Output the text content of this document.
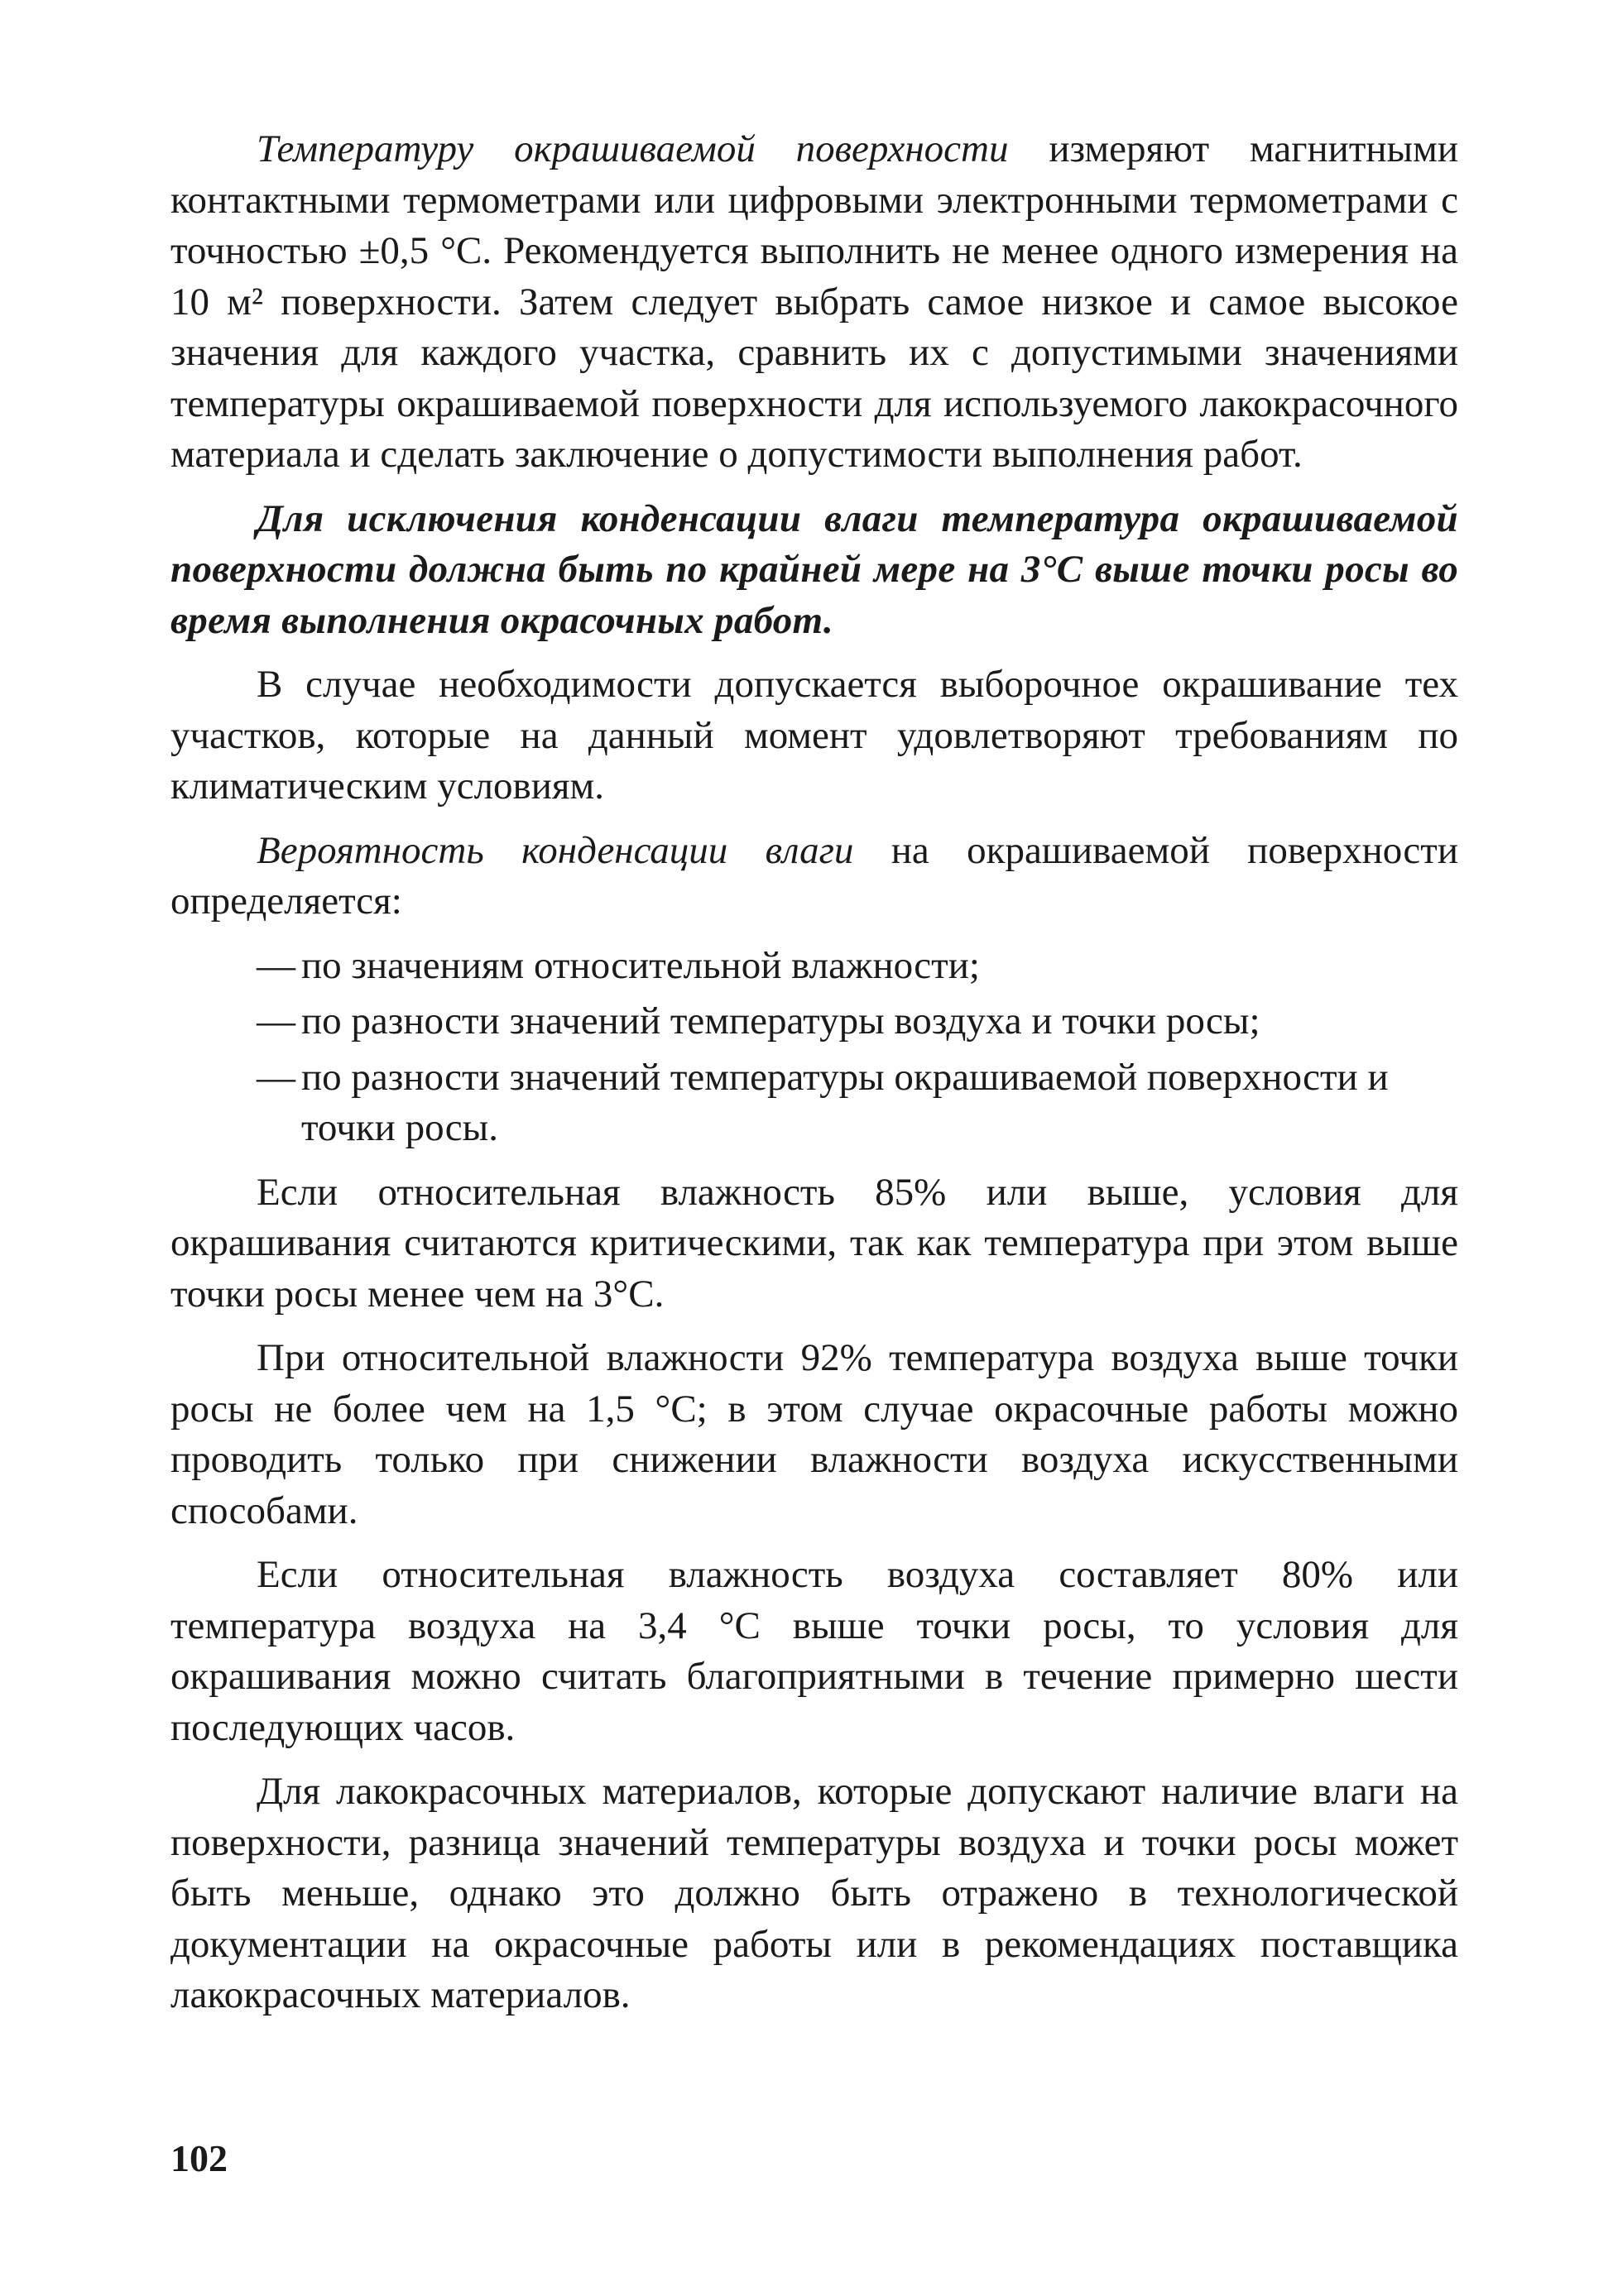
Температуру окрашиваемой поверхности измеряют магнитными контактными термометрами или цифровыми электронными термометрами с точностью ±0,5 °С. Рекомендуется выполнить не менее одного измерения на 10 м² поверхности. Затем следует выбрать самое низкое и самое высокое значения для каждого участка, сравнить их с допустимыми значениями температуры окрашиваемой поверхности для используемого лакокрасочного материала и сделать заключение о допустимости выполнения работ.

Для исключения конденсации влаги температура окрашиваемой поверхности должна быть по крайней мере на 3°С выше точки росы во время выполнения окрасочных работ.

В случае необходимости допускается выборочное окрашивание тех участков, которые на данный момент удовлетворяют требованиям по климатическим условиям.

Вероятность конденсации влаги на окрашиваемой поверхности определяется:

— по значениям относительной влажности;
— по разности значений температуры воздуха и точки росы;
— по разности значений температуры окрашиваемой поверхности и точки росы.

Если относительная влажность 85% или выше, условия для окрашивания считаются критическими, так как температура при этом выше точки росы менее чем на 3°С.

При относительной влажности 92% температура воздуха выше точки росы не более чем на 1,5 °С; в этом случае окрасочные работы можно проводить только при снижении влажности воздуха искусственными способами.

Если относительная влажность воздуха составляет 80% или температура воздуха на 3,4 °С выше точки росы, то условия для окрашивания можно считать благоприятными в течение примерно шести последующих часов.

Для лакокрасочных материалов, которые допускают наличие влаги на поверхности, разница значений температуры воздуха и точки росы может быть меньше, однако это должно быть отражено в технологической документации на окрасочные работы или в рекомендациях поставщика лакокрасочных материалов.

102
